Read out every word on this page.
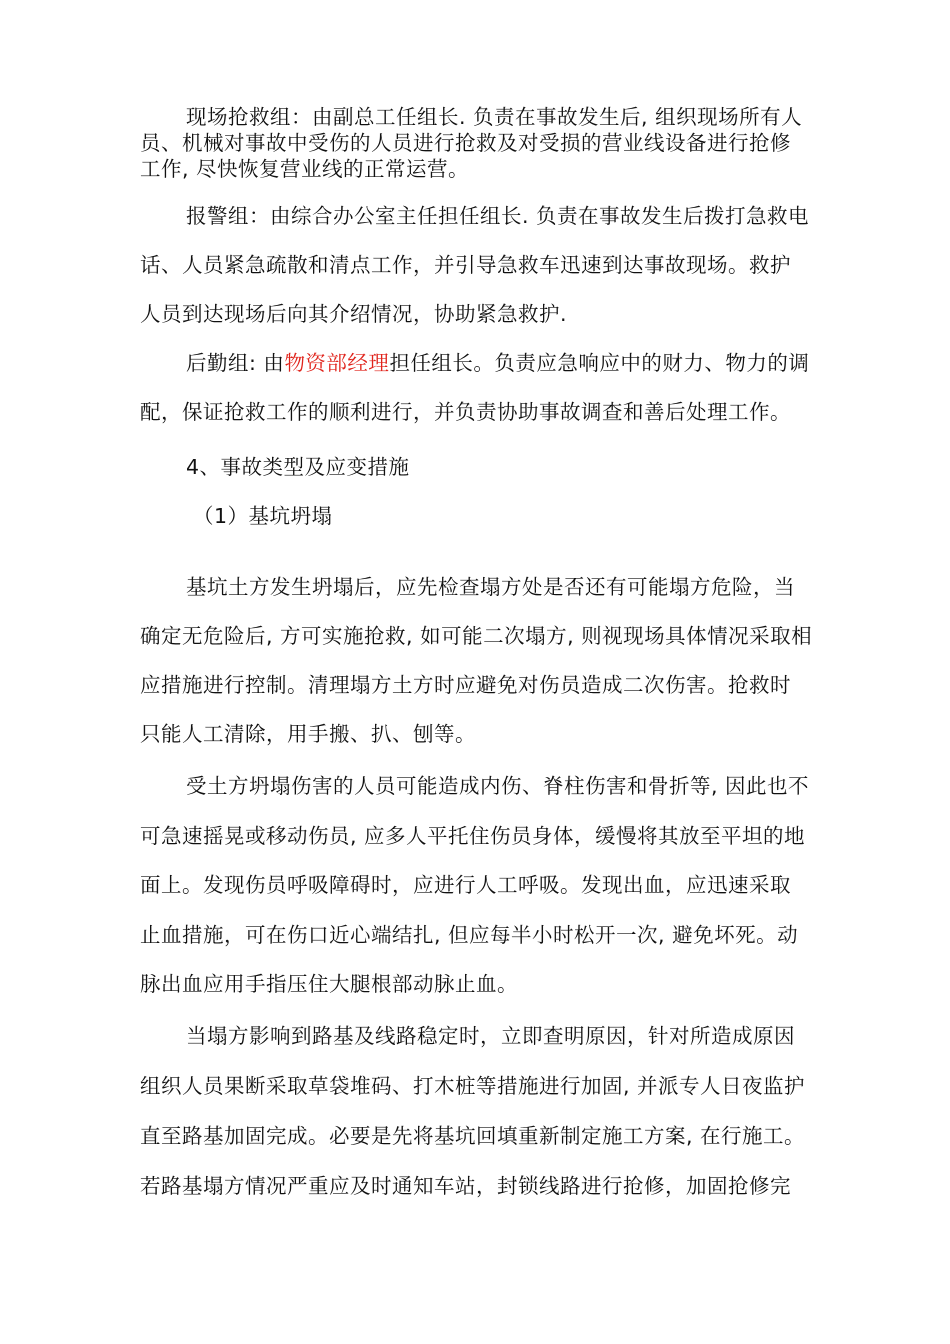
现场抢救组：由副总工任组长. 负责在事故发生后, 组织现场所有人
员、机械对事故中受伤的人员进行抢救及对受损的营业线设备进行抢修
工作, 尽快恢复营业线的正常运营。
报警组：由综合办公室主任担任组长. 负责在事故发生后拨打急救电
话、人员紧急疏散和清点工作，并引导急救车迅速到达事故现场。救护
人员到达现场后向其介绍情况，协助紧急救护.
后勤组: 由物资部经理担任组长。负责应急响应中的财力、物力的调
配，保证抢救工作的顺利进行，并负责协助事故调查和善后处理工作。

4、事故类型及应变措施

（1）基坑坍塌

基坑土方发生坍塌后，应先检查塌方处是否还有可能塌方危险，当
确定无危险后, 方可实施抢救, 如可能二次塌方, 则视现场具体情况采取相
应措施进行控制。清理塌方土方时应避免对伤员造成二次伤害。抢救时
只能人工清除，用手搬、扒、刨等。
受土方坍塌伤害的人员可能造成内伤、脊柱伤害和骨折等, 因此也不
可急速摇晃或移动伤员, 应多人平托住伤员身体，缓慢将其放至平坦的地
面上。发现伤员呼吸障碍时，应进行人工呼吸。发现出血，应迅速采取
止血措施，可在伤口近心端结扎, 但应每半小时松开一次, 避免坏死。动
脉出血应用手指压住大腿根部动脉止血。
当塌方影响到路基及线路稳定时，立即查明原因，针对所造成原因
组织人员果断采取草袋堆码、打木桩等措施进行加固, 并派专人日夜监护
直至路基加固完成。必要是先将基坑回填重新制定施工方案, 在行施工。
若路基塌方情况严重应及时通知车站，封锁线路进行抢修，加固抢修完
